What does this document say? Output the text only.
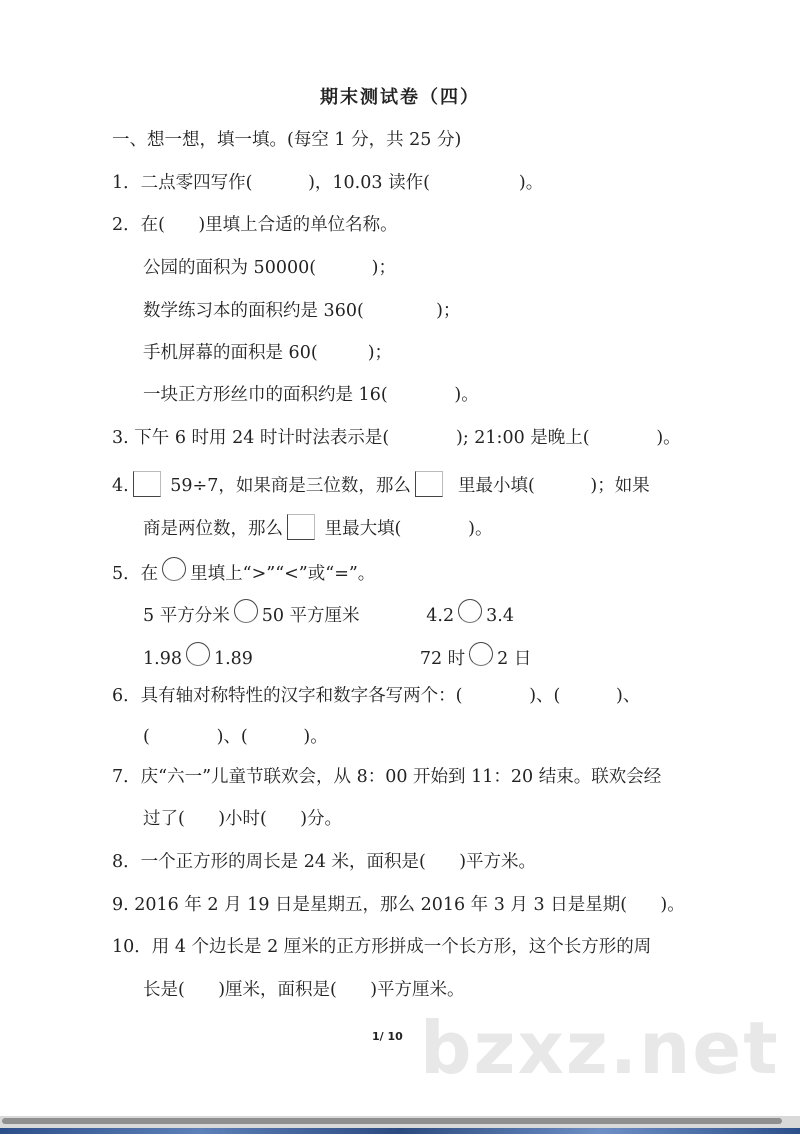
期末测试卷（四）
一、想一想，填一填。(每空 1 分，共 25 分)
1．二点零四写作(          )，10.03 读作(                )。
2．在(      )里填上合适的单位名称。
公园的面积为 50000(          )；
数学练习本的面积约是 360(             )；
手机屏幕的面积是 60(         )；
一块正方形丝巾的面积约是 16(            )。
3. 下午 6 时用 24 时计时法表示是(            ); 21:00 是晚上(            )。
4. 59÷7，如果商是三位数，那么  里最小填(          )；如果
商是两位数，那么 里最大填(            )。
5．在 里填上“>”“<”或“=”。
5 平方分米 50 平方厘米            4.2 3.4
1.98 1.89                              72 时 2 日
6．具有轴对称特性的汉字和数字各写两个：(            )、(          )、
(            )、(          )。
7．庆“六一”儿童节联欢会，从 8：00 开始到 11：20 结束。联欢会经
过了(      )小时(      )分。
8．一个正方形的周长是 24 米，面积是(      )平方米。
9. 2016 年 2 月 19 日是星期五，那么 2016 年 3 月 3 日是星期(      )。
10．用 4 个边长是 2 厘米的正方形拼成一个长方形，这个长方形的周
长是(      )厘米，面积是(      )平方厘米。
bzxz.net
1/ 10
